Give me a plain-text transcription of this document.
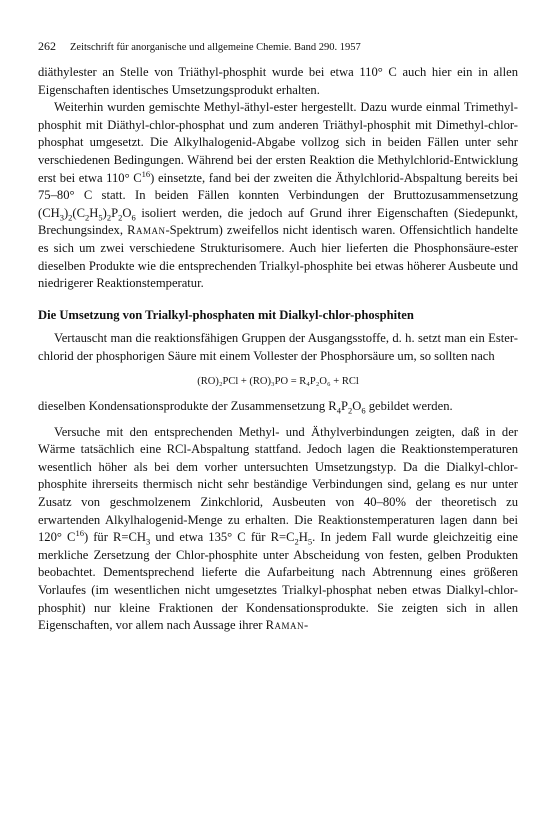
262 Zeitschrift für anorganische und allgemeine Chemie. Band 290. 1957

diäthylester an Stelle von Triäthyl-phosphit wurde bei etwa 110° C auch hier ein in allen Eigenschaften identisches Umsetzungsprodukt erhalten.

Weiterhin wurden gemischte Methyl-äthyl-ester hergestellt. Dazu wurde einmal Trimethyl-phosphit mit Diäthyl-chlor-phosphat und zum anderen Triäthyl-phosphit mit Dimethyl-chlor-phosphat umgesetzt. Die Alkylhalogenid-Abgabe vollzog sich in beiden Fällen unter sehr verschiedenen Bedingungen. Während bei der ersten Reaktion die Methylchlorid-Entwicklung erst bei etwa 110° $C^{16}$) einsetzte, fand bei der zweiten die Äthylchlorid-Abspaltung bereits bei 75–80° C statt. In beiden Fällen konnten Verbindungen der Bruttozusammensetzung $(CH_3)_2(C_2H_5)_2P_2O_6$ isoliert werden, die jedoch auf Grund ihrer Eigenschaften (Siedepunkt, Brechungsindex, Raman-Spektrum) zweifellos nicht identisch waren. Offensichtlich handelte es sich um zwei verschiedene Strukturisomere. Auch hier lieferten die Phosphonsäure-ester dieselben Produkte wie die entsprechenden Trialkyl-phosphite bei etwas höherer Ausbeute und niedrigerer Reaktionstemperatur.

Die Umsetzung von Trialkyl-phosphaten mit Dialkyl-chlor-phosphiten

Vertauscht man die reaktionsfähigen Gruppen der Ausgangsstoffe, d. h. setzt man ein Ester-chlorid der phosphorigen Säure mit einem Vollester der Phosphorsäure um, so sollten nach

(RO)₂PCl + (RO)₃PO = R₄P₂O₆ + RCl

dieselben Kondensationsprodukte der Zusammensetzung $R_4P_2O_6$ gebildet werden.

Versuche mit den entsprechenden Methyl- und Äthylverbindungen zeigten, daß in der Wärme tatsächlich eine RCl-Abspaltung stattfand. Jedoch lagen die Reaktionstemperaturen wesentlich höher als bei dem vorher untersuchten Umsetzungstyp. Da die Dialkyl-chlor-phosphite ihrerseits thermisch nicht sehr beständige Verbindungen sind, gelang es nur unter Zusatz von geschmolzenem Zinkchlorid, Ausbeuten von 40–80% der theoretisch zu erwartenden Alkylhalogenid-Menge zu erhalten. Die Reaktionstemperaturen lagen dann bei 120° $C^{16}$) für $R=CH_3$ und etwa 135° C für $R=C_2H_5$. In jedem Fall wurde gleichzeitig eine merkliche Zersetzung der Chlor-phosphite unter Abscheidung von festen, gelben Produkten beobachtet. Dementsprechend lieferte die Aufarbeitung nach Abtrennung eines größeren Vorlaufes (im wesentlichen nicht umgesetztes Trialkyl-phosphat neben etwas Dialkyl-chlor-phosphit) nur kleine Fraktionen der Kondensationsprodukte. Sie zeigten sich in allen Eigenschaften, vor allem nach Aussage ihrer Raman-
